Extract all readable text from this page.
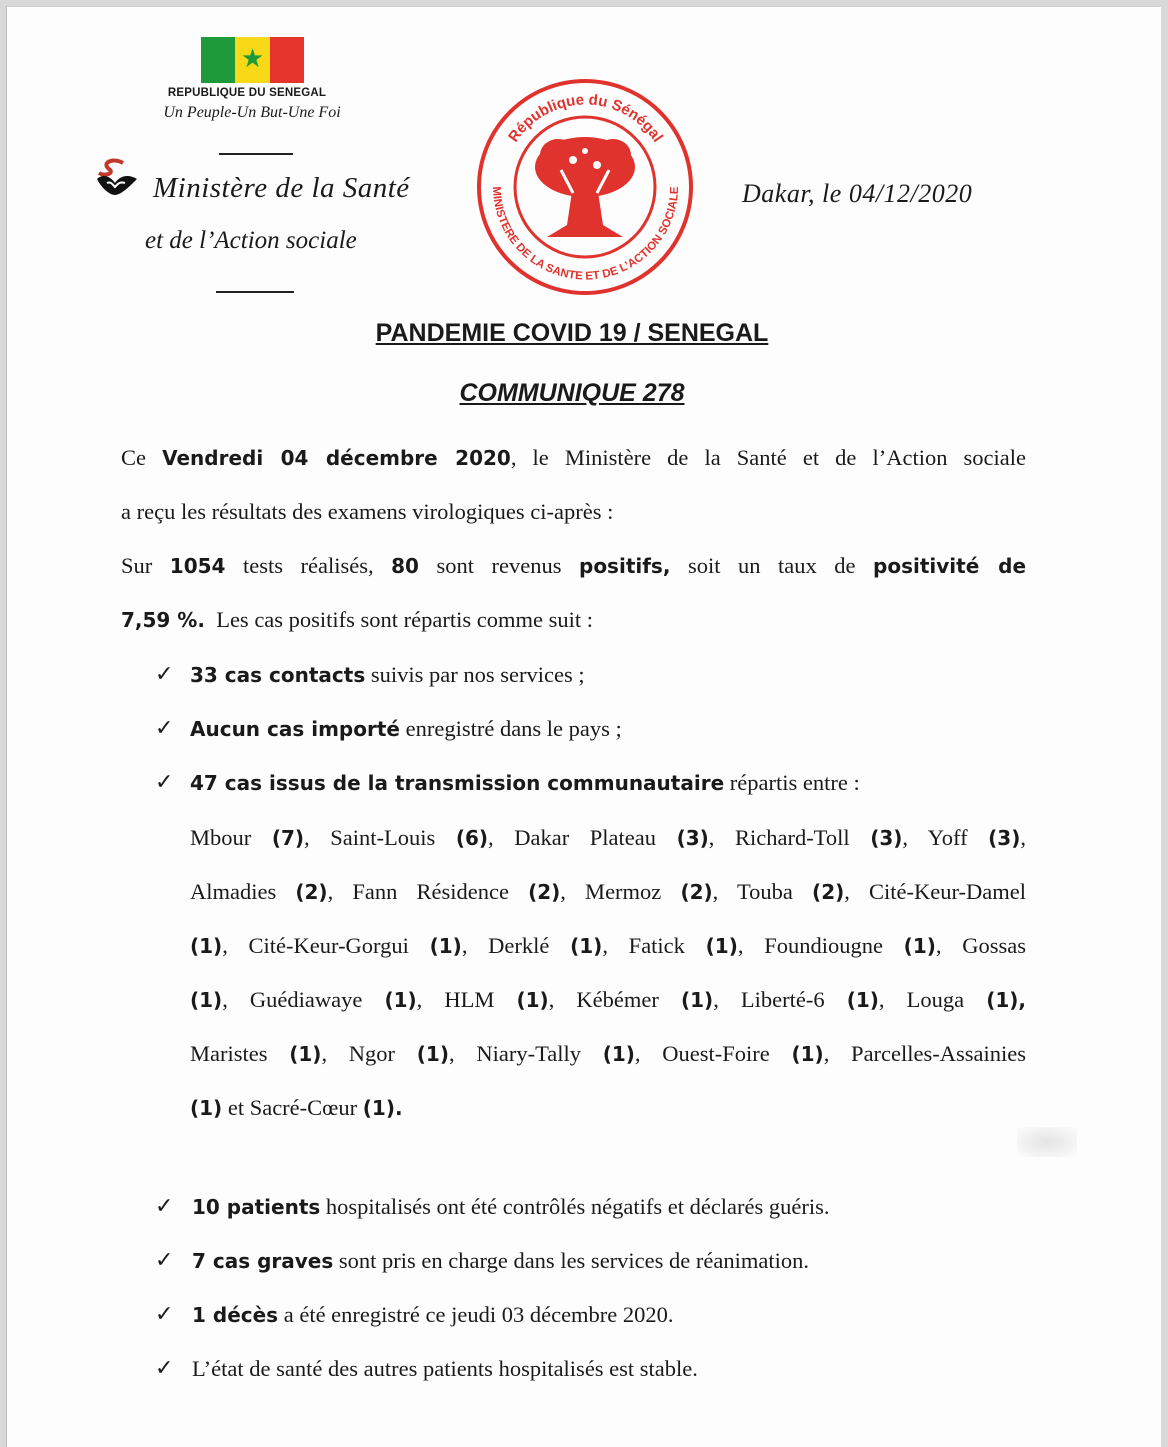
★
REPUBLIQUE DU SENEGAL
Un Peuple-Un But-Une Foi
Ministère de la Santé
et de l’Action sociale
République du Sénégal
MINISTERE DE LA SANTE ET DE L’ACTION SOCIALE Dakar, le 04/12/2020
PANDEMIE COVID 19 / SENEGAL
COMMUNIQUE 278
Ce Vendredi 04 décembre 2020, le Ministère de la Santé et de l’Action sociale
a reçu les résultats des examens virologiques ci-après :
Sur 1054 tests réalisés, 80 sont revenus positifs, soit un taux de positivité de
7,59 %.  Les cas positifs sont répartis comme suit :
✓ 33 cas contacts suivis par nos services ;
✓ Aucun cas importé enregistré dans le pays ;
✓ 47 cas issus de la transmission communautaire répartis entre :
Mbour (7), Saint-Louis (6), Dakar Plateau (3), Richard-Toll (3), Yoff (3),
Almadies (2), Fann Résidence (2), Mermoz (2), Touba (2), Cité-Keur-Damel
(1), Cité-Keur-Gorgui (1), Derklé (1), Fatick (1), Foundiougne (1), Gossas
(1), Guédiawaye (1), HLM (1), Kébémer (1), Liberté-6 (1), Louga (1),
Maristes (1), Ngor (1), Niary-Tally (1), Ouest-Foire (1), Parcelles-Assainies
(1) et Sacré-Cœur (1).
✓ 10 patients hospitalisés ont été contrôlés négatifs et déclarés guéris.
✓ 7 cas graves sont pris en charge dans les services de réanimation.
✓ 1 décès a été enregistré ce jeudi 03 décembre 2020.
✓ L’état de santé des autres patients hospitalisés est stable.
